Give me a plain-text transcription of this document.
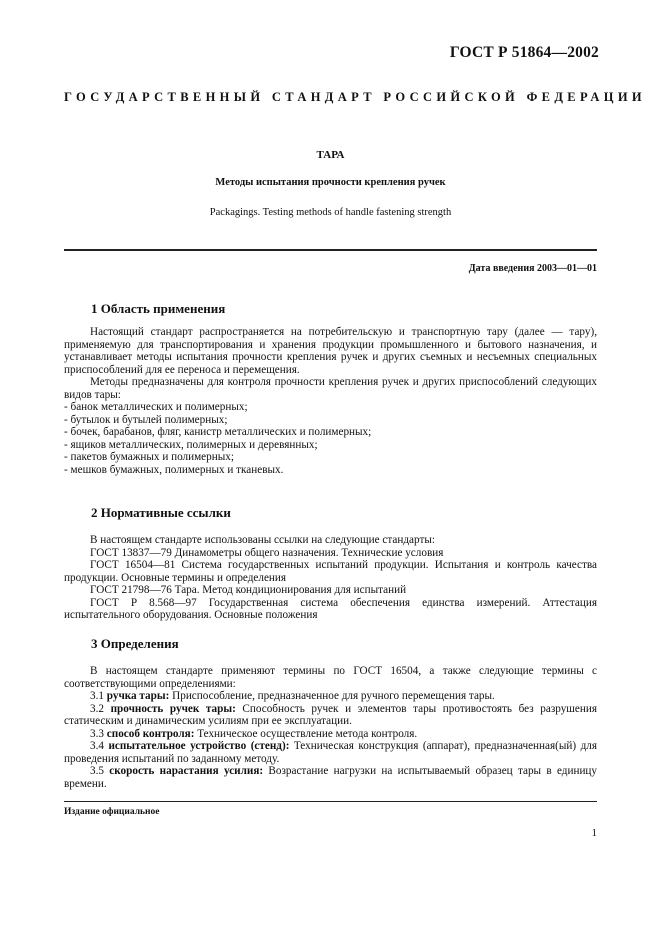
ГОСТ Р 51864—2002
ГОСУДАРСТВЕННЫЙ СТАНДАРТ РОССИЙСКОЙ ФЕДЕРАЦИИ
ТАРА
Методы испытания прочности крепления ручек
Packagings. Testing methods of handle fastening strength
Дата введения 2003—01—01
1 Область применения

Настоящий стандарт распространяется на потребительскую и транспортную тару (далее — тару), применяемую для транспортирования и хранения продукции промышленного и бытового назначения, и устанавливает методы испытания прочности крепления ручек и других съемных и несъемных специальных приспособлений для ее переноса и перемещения.

Методы предназначены для контроля прочности крепления ручек и других приспособлений следующих видов тары:

- банок металлических и полимерных;

- бутылок и бутылей полимерных;

- бочек, барабанов, фляг, канистр металлических и полимерных;

- ящиков металлических, полимерных и деревянных;

- пакетов бумажных и полимерных;

- мешков бумажных, полимерных и тканевых.

2 Нормативные ссылки

В настоящем стандарте использованы ссылки на следующие стандарты:

ГОСТ 13837—79 Динамометры общего назначения. Технические условия

ГОСТ 16504—81 Система государственных испытаний продукции. Испытания и контроль качества продукции. Основные термины и определения

ГОСТ 21798—76 Тара. Метод кондиционирования для испытаний

ГОСТ Р 8.568—97 Государственная система обеспечения единства измерений. Аттестация испытательного оборудования. Основные положения

3 Определения

В настоящем стандарте применяют термины по ГОСТ 16504, а также следующие термины с соответствующими определениями:

3.1 ручка тары: Приспособление, предназначенное для ручного перемещения тары.

3.2 прочность ручек тары: Способность ручек и элементов тары противостоять без разрушения статическим и динамическим усилиям при ее эксплуатации.

3.3 способ контроля: Техническое осуществление метода контроля.

3.4 испытательное устройство (стенд): Техническая конструкция (аппарат), предназначенная(ый) для проведения испытаний по заданному методу.

3.5 скорость нарастания усилия: Возрастание нагрузки на испытываемый образец тары в единицу времени.

Издание официальное
1
